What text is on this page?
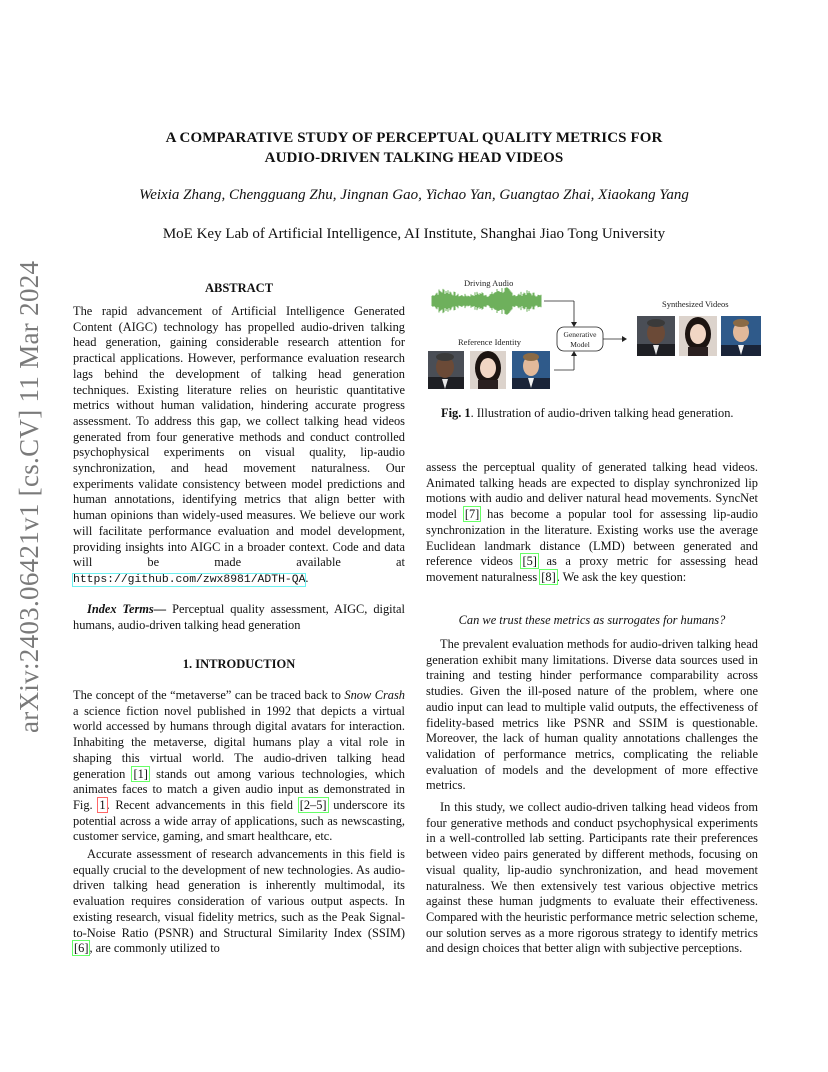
arXiv:2403.06421v1 [cs.CV] 11 Mar 2024
A COMPARATIVE STUDY OF PERCEPTUAL QUALITY METRICS FOR
AUDIO-DRIVEN TALKING HEAD VIDEOS
Weixia Zhang, Chengguang Zhu, Jingnan Gao, Yichao Yan, Guangtao Zhai, Xiaokang Yang
MoE Key Lab of Artificial Intelligence, AI Institute, Shanghai Jiao Tong University
ABSTRACT

The rapid advancement of Artificial Intelligence Generated Content (AIGC) technology has propelled audio-driven talking head generation, gaining considerable research attention for practical applications. However, performance evaluation research lags behind the development of talking head generation techniques. Existing literature relies on heuristic quantitative metrics without human validation, hindering accurate progress assessment. To address this gap, we collect talking head videos generated from four generative methods and conduct controlled psychophysical experiments on visual quality, lip-audio synchronization, and head movement naturalness. Our experiments validate consistency between model predictions and human annotations, identifying metrics that align better with human opinions than widely-used measures. We believe our work will facilitate performance evaluation and model development, providing insights into AIGC in a broader context. Code and data will be made available at https://github.com/zwx8981/ADTH-QA.

Index Terms— Perceptual quality assessment, AIGC, digital humans, audio-driven talking head generation

1. INTRODUCTION

The concept of the “metaverse” can be traced back to Snow Crash a science fiction novel published in 1992 that depicts a virtual world accessed by humans through digital avatars for interaction. Inhabiting the metaverse, digital humans play a vital role in shaping this virtual world. The audio-driven talking head generation [1] stands out among various technologies, which animates faces to match a given audio input as demonstrated in Fig. 1. Recent advancements in this field [2–5] underscore its potential across a wide array of applications, such as newscasting, customer service, gaming, and smart healthcare, etc.

Accurate assessment of research advancements in this field is equally crucial to the development of new technologies. As audio-driven talking head generation is inherently multimodal, its evaluation requires consideration of various output aspects. In existing research, visual fidelity metrics, such as the Peak Signal-to-Noise Ratio (PSNR) and Structural Similarity Index (SSIM) [6], are commonly utilized to

Driving Audio
Generative
Model
Reference Identity
Synthesized Videos
Fig. 1. Illustration of audio-driven talking head generation.

assess the perceptual quality of generated talking head videos. Animated talking heads are expected to display synchronized lip motions with audio and deliver natural head movements. SyncNet model [7] has become a popular tool for assessing lip-audio synchronization in the literature. Existing works use the average Euclidean landmark distance (LMD) between generated and reference videos [5] as a proxy metric for assessing head movement naturalness [8]. We ask the key question:

Can we trust these metrics as surrogates for humans?

The prevalent evaluation methods for audio-driven talking head generation exhibit many limitations. Diverse data sources used in training and testing hinder performance comparability across studies. Given the ill-posed nature of the problem, where one audio input can lead to multiple valid outputs, the effectiveness of fidelity-based metrics like PSNR and SSIM is questionable. Moreover, the lack of human quality annotations challenges the validation of performance metrics, complicating the reliable evaluation of models and the development of more effective metrics.

In this study, we collect audio-driven talking head videos from four generative methods and conduct psychophysical experiments in a well-controlled lab setting. Participants rate their preferences between video pairs generated by different methods, focusing on visual quality, lip-audio synchronization, and head movement naturalness. We then extensively test various objective metrics against these human judgments to evaluate their effectiveness. Compared with the heuristic performance metric selection scheme, our solution serves as a more rigorous strategy to identify metrics and design choices that better align with subjective perceptions.
